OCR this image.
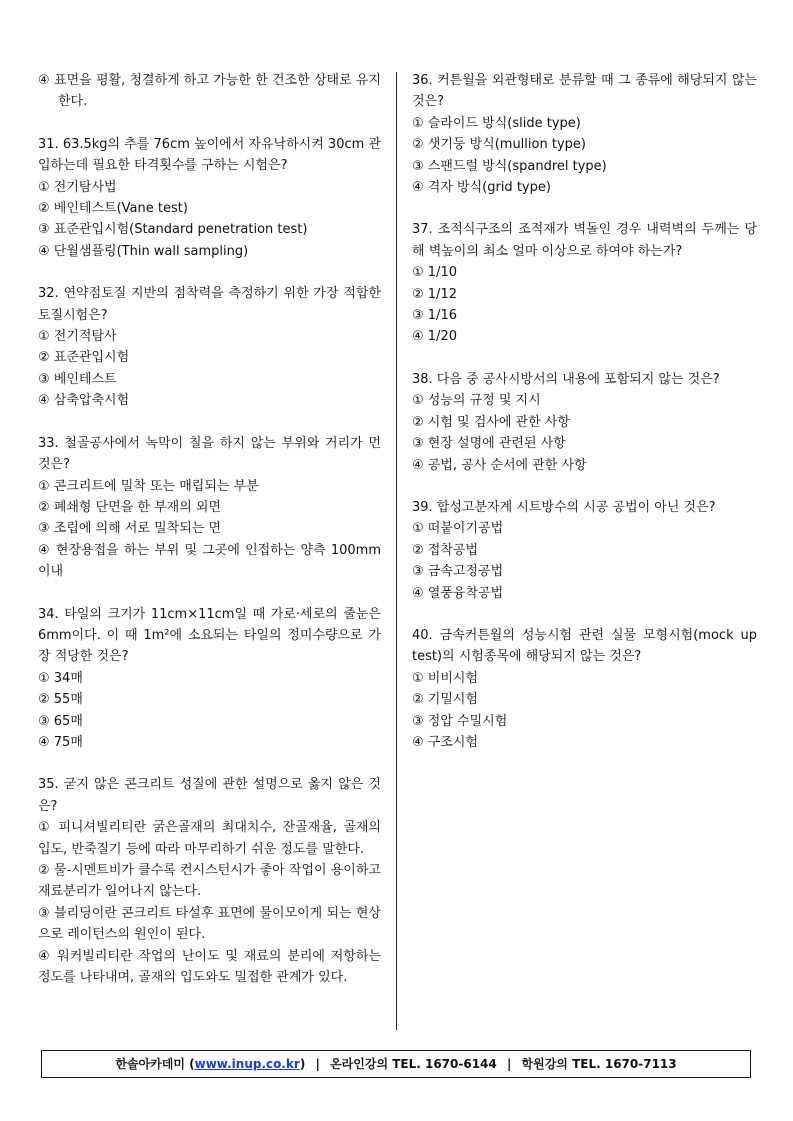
④ 표면을 평활, 청결하게 하고 가능한 한 건조한 상태로 유지한다.
31. 63.5kg의 추를 76cm 높이에서 자유낙하시켜 30cm 관입하는데 필요한 타격횟수를 구하는 시험은?
① 전기탐사법
② 베인테스트(Vane test)
③ 표준관입시험(Standard penetration test)
④ 단월샘플링(Thin wall sampling)
32. 연약점토질 지반의 점착력을 측정하기 위한 가장 적합한 토질시험은?
① 전기적탐사
② 표준관입시험
③ 베인테스트
④ 삼축압축시험
33. 철골공사에서 녹막이 칠을 하지 않는 부위와 거리가 먼 것은?
① 콘크리트에 밀착 또는 매립되는 부분
② 폐쇄형 단면을 한 부재의 외면
③ 조립에 의해 서로 밀착되는 면
④ 현장용접을 하는 부위 및 그곳에 인접하는 양측 100mm 이내
34. 타일의 크기가 11cm×11cm일 때 가로·세로의 줄눈은 6mm이다. 이 때 1m²에 소요되는 타일의 정미수량으로 가장 적당한 것은?
① 34매
② 55매
③ 65매
④ 75매
35. 굳지 않은 콘크리트 성질에 관한 설명으로 옳지 않은 것은?
① 피니셔빌리티란 굵은골재의 최대치수, 잔골재율, 골재의 입도, 반죽질기 등에 따라 마무리하기 쉬운 정도를 말한다.
② 물-시멘트비가 클수록 컨시스턴시가 좋아 작업이 용이하고 재료분리가 일어나지 않는다.
③ 블리딩이란 콘크리트 타설후 표면에 물이모이게 되는 현상으로 레이턴스의 원인이 된다.
④ 워커빌리티란 작업의 난이도 및 재료의 분리에 저항하는 정도를 나타내며, 골재의 입도와도 밀접한 관계가 있다.
36. 커튼월을 외관형태로 분류할 때 그 종류에 해당되지 않는 것은?
① 슬라이드 방식(slide type)
② 샛기둥 방식(mullion type)
③ 스팬드럴 방식(spandrel type)
④ 격자 방식(grid type)
37. 조적식구조의 조적재가 벽돌인 경우 내력벽의 두께는 당해 벽높이의 최소 얼마 이상으로 하여야 하는가?
① 1/10
② 1/12
③ 1/16
④ 1/20
38. 다음 중 공사시방서의 내용에 포함되지 않는 것은?
① 성능의 규정 및 지시
② 시험 및 검사에 관한 사항
③ 현장 설명에 관련된 사항
④ 공법, 공사 순서에 관한 사항
39. 합성고분자계 시트방수의 시공 공법이 아닌 것은?
① 떠붙이기공법
② 접착공법
③ 금속고정공법
④ 열풍융착공법
40. 금속커튼월의 성능시험 관련 실물 모형시험(mock up test)의 시험종목에 해당되지 않는 것은?
① 비비시험
② 기밀시험
③ 정압 수밀시험
④ 구조시험
한솔아카데미 (www.inup.co.kr) | 온라인강의 TEL. 1670-6144 | 학원강의 TEL. 1670-7113
